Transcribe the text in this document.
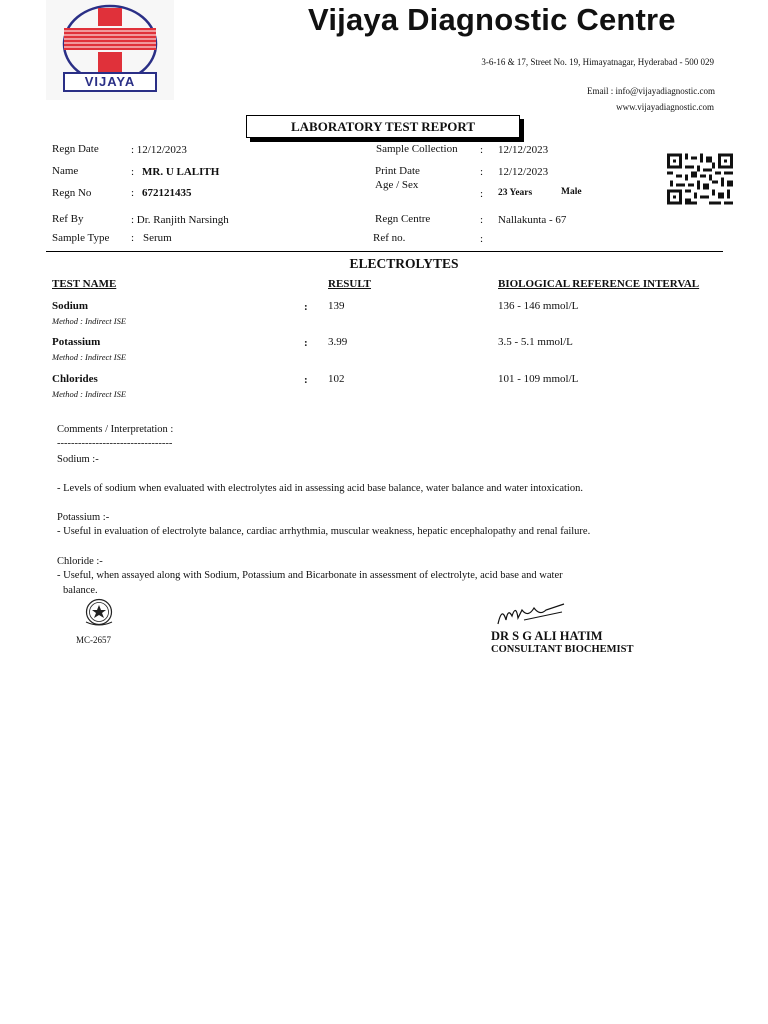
VIJAYA
Vijaya Diagnostic Centre
3-6-16 & 17, Street No. 19, Himayatnagar, Hyderabad - 500 029
Email : info@vijayadiagnostic.com
www.vijayadiagnostic.com
LABORATORY TEST REPORT
Regn Date	: 12/12/2023
Name	: MR. U LALITH
Regn No	: 672121435
Ref By	: Dr. Ranjith Narsingh
Sample Type : Serum
Sample Collection : 12/12/2023
Print Date	: 12/12/2023
Age / Sex
: 23 Years	Male
Regn Centre	: Nallakunta - 67
Ref no.	:
ELECTROLYTES
TEST NAME	RESULT	BIOLOGICAL REFERENCE INTERVAL
Sodium
Method : Indirect ISE
: 139	136 - 146 mmol/L
Potassium
Method : Indirect ISE
: 3.99	3.5 - 5.1 mmol/L
Chlorides
Method : Indirect ISE
: 102	101 - 109 mmol/L
Comments / Interpretation :
---------------------------------
Sodium :-
- Levels of sodium when evaluated with electrolytes aid in assessing acid base balance, water balance and water intoxication.
Potassium :-
- Useful in evaluation of electrolyte balance, cardiac arrhythmia, muscular weakness, hepatic encephalopathy and renal failure.
Chloride :-
- Useful, when assayed along with Sodium, Potassium and Bicarbonate in assessment of electrolyte, acid base and water
balance.
MC-2657	DR S G ALI HATIM
CONSULTANT BIOCHEMIST
